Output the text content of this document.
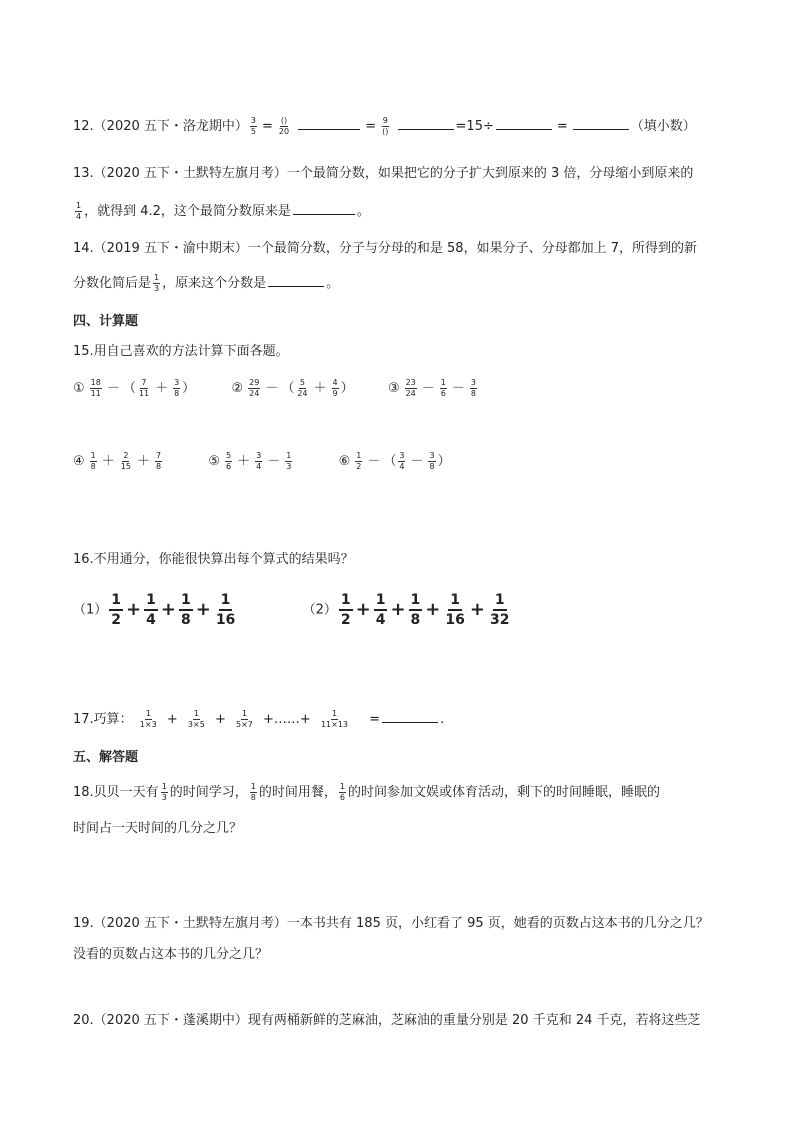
12.（2020 五下・洛龙期中） $\frac{3}{5} = \frac{()}{20}$	= $\frac{9}{()}$	=15÷	=	（填小数）
13.（2020 五下・土默特左旗月考）一个最简分数，如果把它的分子扩大到原来的 3 倍，分母缩小到原来的
$\frac{1}{4}$ ，就得到 4.2，这个最简分数原来是	。
14.（2019 五下・渝中期末）一个最简分数，分子与分母的和是 58，如果分子、分母都加上 7，所得到的新
分数化简后是 $\frac{1}{3}$ ，原来这个分数是	。
四、计算题
15.用自己喜欢的方法计算下面各题。
① $\frac{18}{11}$ － （ $\frac{7}{11} + \frac{3}{8}$ ）	② $\frac{29}{24}$ － （ $\frac{5}{24} + \frac{4}{9}$ ）	③ $\frac{23}{24} - \frac{1}{6} - \frac{3}{8}$
④ $\frac{1}{8} + \frac{2}{15} + \frac{7}{8}$	⑤ $\frac{5}{6} + \frac{3}{4} - \frac{1}{3}$	⑥ $\frac{1}{2}$ － （ $\frac{3}{4} - \frac{3}{8}$ ）
16.不用通分，你能很快算出每个算式的结果吗？
$(1) \frac{1}{2} + \frac{1}{4} + \frac{1}{8} + \frac{1}{16}$	$(2) \frac{1}{2} + \frac{1}{4} + \frac{1}{8} + \frac{1}{16} + \frac{1}{32}$
17.巧算： $\frac{1}{1\times 3} + \frac{1}{3\times 5} + \frac{1}{5\times 7}$ +……+ $\frac{1}{11\times 13}$ =	.
五、解答题
18.贝贝一天有 $\frac{1}{3}$ 的时间学习， $\frac{1}{8}$ 的时间用餐， $\frac{1}{6}$ 的时间参加文娱或体育活动，剩下的时间睡眠，睡眠的
时间占一天时间的几分之几？
19.（2020 五下・土默特左旗月考）一本书共有 185 页，小红看了 95 页，她看的页数占这本书的几分之几？
没看的页数占这本书的几分之几？
20.（2020 五下・蓬溪期中）现有两桶新鲜的芝麻油，芝麻油的重量分别是 20 千克和 24 千克，若将这些芝
